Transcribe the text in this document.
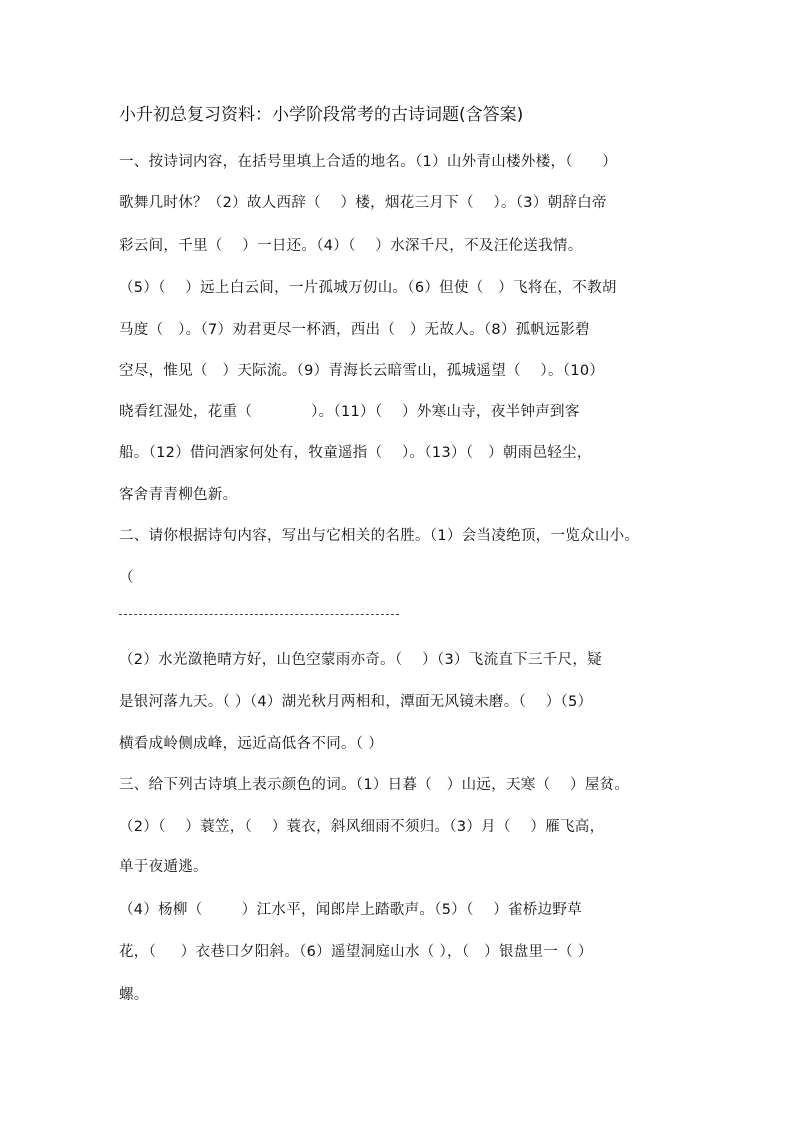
小升初总复习资料：小学阶段常考的古诗词题(含答案)
一、按诗词内容，在括号里填上合适的地名。（1）山外青山楼外楼，（      ）
歌舞几时休？（2）故人西辞（    ）楼，烟花三月下（    ）。（3）朝辞白帝
彩云间，千里（    ）一日还。（4）（    ）水深千尺，不及汪伦送我情。
（5）（    ）远上白云间，一片孤城万仞山。（6）但使（   ）飞将在，不教胡
马度（   ）。（7）劝君更尽一杯酒，西出（   ）无故人。（8）孤帆远影碧
空尽，惟见（   ）天际流。（9）青海长云暗雪山，孤城遥望（    ）。（10）
晓看红湿处，花重（            ）。（11）（    ）外寒山寺，夜半钟声到客
船。（12）借问酒家何处有，牧童遥指（    ）。（13）（   ）朝雨邑轻尘，
客舍青青柳色新。
二、请你根据诗句内容，写出与它相关的名胜。（1）会当凌绝顶，一览众山小。
（
（2）水光潋艳晴方好，山色空蒙雨亦奇。（    ）（3）飞流直下三千尺，疑
是银河落九天。（ ）（4）湖光秋月两相和，潭面无风镜未磨。（    ）（5）
横看成岭侧成峰，远近高低各不同。（ ）
三、给下列古诗填上表示颜色的词。（1）日暮（   ）山远，天寒（    ）屋贫。
（2）（    ）蓑笠，（    ）蓑衣，斜风细雨不须归。（3）月（    ）雁飞高，
单于夜遁逃。
（4）杨柳（        ）江水平，闻郎岸上踏歌声。（5）（    ）雀桥边野草
花，（     ）衣巷口夕阳斜。（6）遥望洞庭山水（ ），（   ）银盘里一（ ）
螺。
